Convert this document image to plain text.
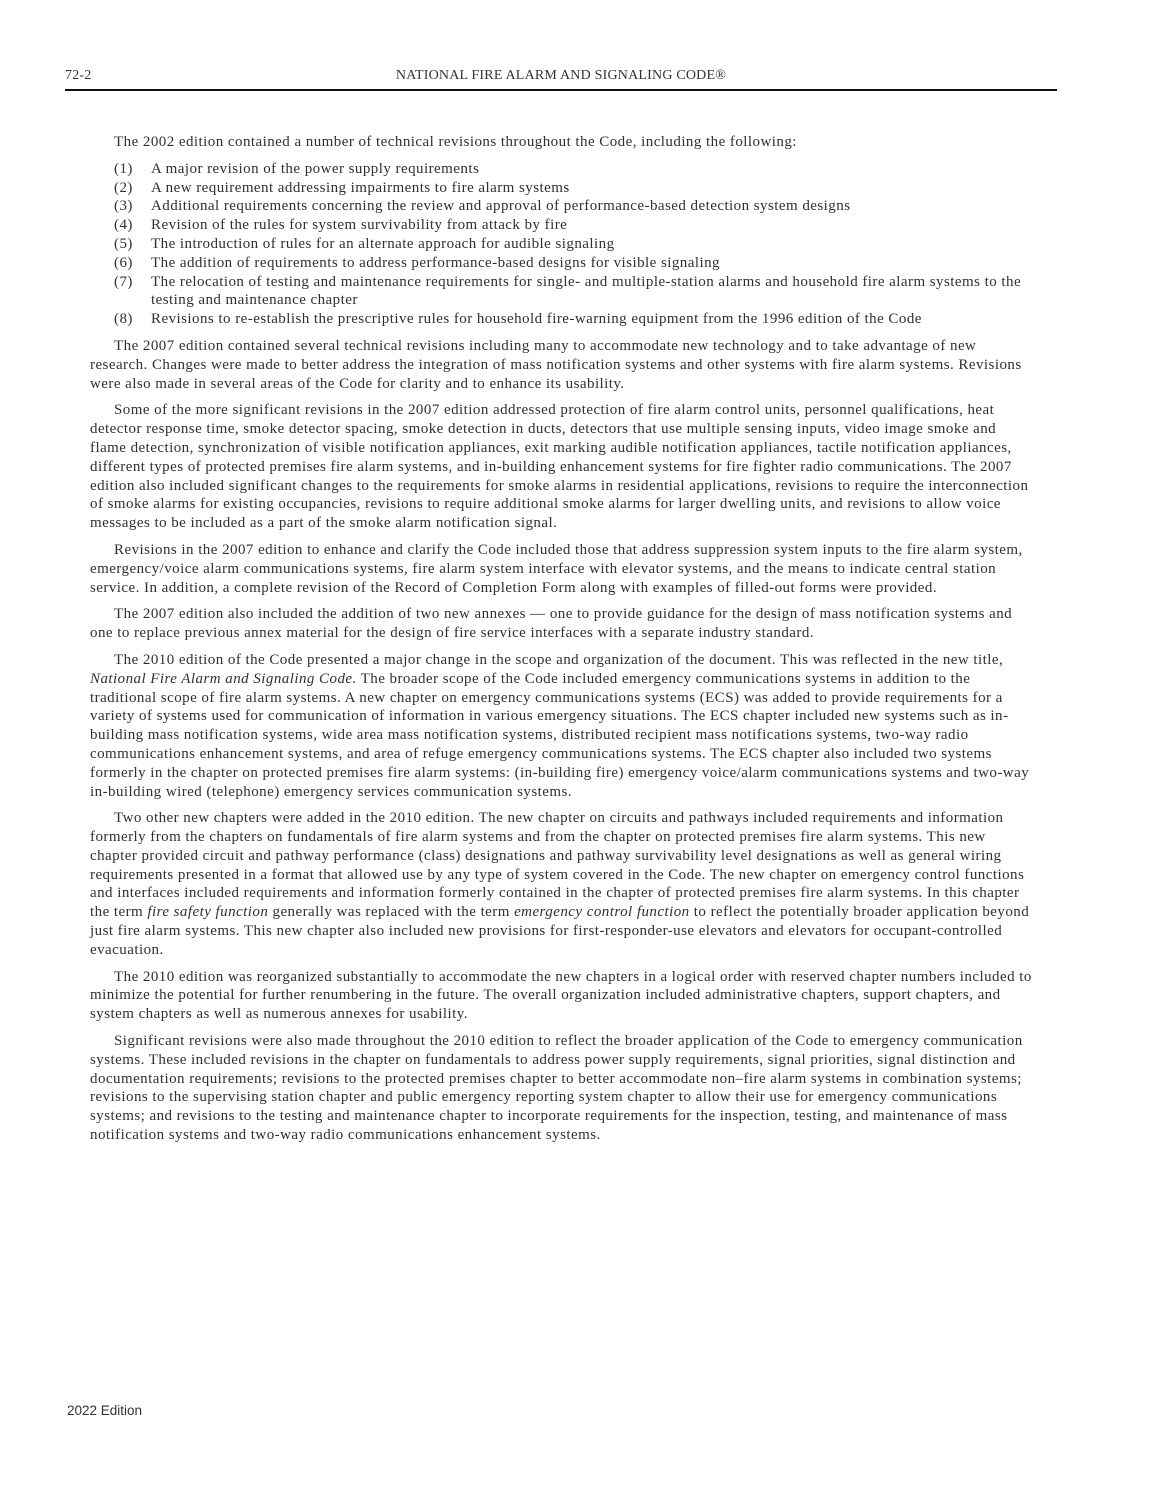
72-2	NATIONAL FIRE ALARM AND SIGNALING CODE®

The 2002 edition contained a number of technical revisions throughout the Code, including the following:

(1) A major revision of the power supply requirements
(2) A new requirement addressing impairments to fire alarm systems
(3) Additional requirements concerning the review and approval of performance-based detection system designs
(4) Revision of the rules for system survivability from attack by fire
(5) The introduction of rules for an alternate approach for audible signaling
(6) The addition of requirements to address performance-based designs for visible signaling
(7) The relocation of testing and maintenance requirements for single- and multiple-station alarms and household fire alarm systems to the testing and maintenance chapter
(8) Revisions to re-establish the prescriptive rules for household fire-warning equipment from the 1996 edition of the Code

The 2007 edition contained several technical revisions including many to accommodate new technology and to take advantage of new research. Changes were made to better address the integration of mass notification systems and other systems with fire alarm systems. Revisions were also made in several areas of the Code for clarity and to enhance its usability.

Some of the more significant revisions in the 2007 edition addressed protection of fire alarm control units, personnel qualifications, heat detector response time, smoke detector spacing, smoke detection in ducts, detectors that use multiple sensing inputs, video image smoke and flame detection, synchronization of visible notification appliances, exit marking audible notification appliances, tactile notification appliances, different types of protected premises fire alarm systems, and in-building enhancement systems for fire fighter radio communications. The 2007 edition also included significant changes to the requirements for smoke alarms in residential applications, revisions to require the interconnection of smoke alarms for existing occupancies, revisions to require additional smoke alarms for larger dwelling units, and revisions to allow voice messages to be included as a part of the smoke alarm notification signal.

Revisions in the 2007 edition to enhance and clarify the Code included those that address suppression system inputs to the fire alarm system, emergency/voice alarm communications systems, fire alarm system interface with elevator systems, and the means to indicate central station service. In addition, a complete revision of the Record of Completion Form along with examples of filled-out forms were provided.

The 2007 edition also included the addition of two new annexes — one to provide guidance for the design of mass notification systems and one to replace previous annex material for the design of fire service interfaces with a separate industry standard.

The 2010 edition of the Code presented a major change in the scope and organization of the document. This was reflected in the new title, National Fire Alarm and Signaling Code. The broader scope of the Code included emergency communications systems in addition to the traditional scope of fire alarm systems. A new chapter on emergency communications systems (ECS) was added to provide requirements for a variety of systems used for communication of information in various emergency situations. The ECS chapter included new systems such as in-building mass notification systems, wide area mass notification systems, distributed recipient mass notifications systems, two-way radio communications enhancement systems, and area of refuge emergency communications systems. The ECS chapter also included two systems formerly in the chapter on protected premises fire alarm systems: (in-building fire) emergency voice/alarm communications systems and two-way in-building wired (telephone) emergency services communication systems.

Two other new chapters were added in the 2010 edition. The new chapter on circuits and pathways included requirements and information formerly from the chapters on fundamentals of fire alarm systems and from the chapter on protected premises fire alarm systems. This new chapter provided circuit and pathway performance (class) designations and pathway survivability level designations as well as general wiring requirements presented in a format that allowed use by any type of system covered in the Code. The new chapter on emergency control functions and interfaces included requirements and information formerly contained in the chapter of protected premises fire alarm systems. In this chapter the term fire safety function generally was replaced with the term emergency control function to reflect the potentially broader application beyond just fire alarm systems. This new chapter also included new provisions for first-responder-use elevators and elevators for occupant-controlled evacuation.

The 2010 edition was reorganized substantially to accommodate the new chapters in a logical order with reserved chapter numbers included to minimize the potential for further renumbering in the future. The overall organization included administrative chapters, support chapters, and system chapters as well as numerous annexes for usability.

Significant revisions were also made throughout the 2010 edition to reflect the broader application of the Code to emergency communication systems. These included revisions in the chapter on fundamentals to address power supply requirements, signal priorities, signal distinction and documentation requirements; revisions to the protected premises chapter to better accommodate non–fire alarm systems in combination systems; revisions to the supervising station chapter and public emergency reporting system chapter to allow their use for emergency communications systems; and revisions to the testing and maintenance chapter to incorporate requirements for the inspection, testing, and maintenance of mass notification systems and two-way radio communications enhancement systems.

2022 Edition
